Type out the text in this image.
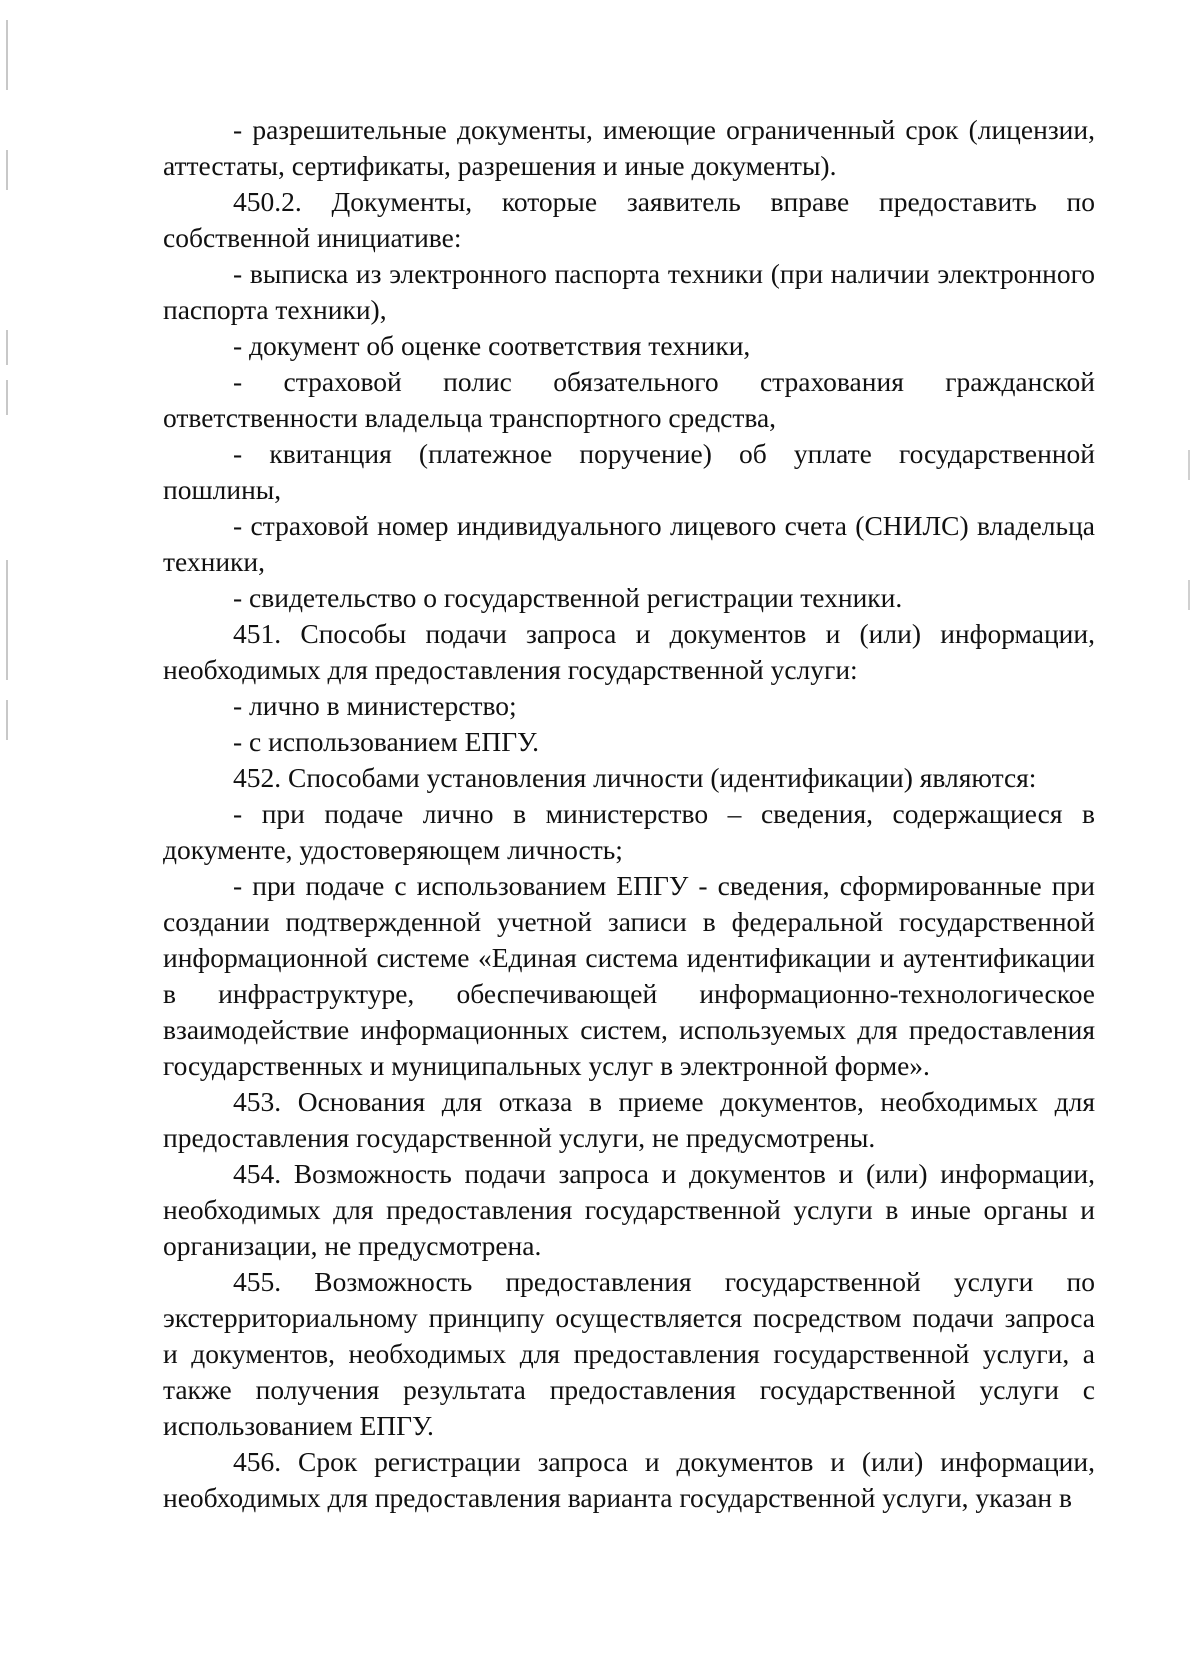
- разрешительные документы, имеющие ограниченный срок (лицензии, аттестаты, сертификаты, разрешения и иные документы).

450.2. Документы, которые заявитель вправе предоставить по собственной инициативе:

- выписка из электронного паспорта техники (при наличии электронного паспорта техники),

- документ об оценке соответствия техники,

- страховой полис обязательного страхования гражданской ответственности владельца транспортного средства,

- квитанция (платежное поручение) об уплате государственной пошлины,

- страховой номер индивидуального лицевого счета (СНИЛС) владельца техники,

- свидетельство о государственной регистрации техники.

451. Способы подачи запроса и документов и (или) информации, необходимых для предоставления государственной услуги:

- лично в министерство;

- с использованием ЕПГУ.

452. Способами установления личности (идентификации) являются:

- при подаче лично в министерство – сведения, содержащиеся в документе, удостоверяющем личность;

- при подаче с использованием ЕПГУ - сведения, сформированные при создании подтвержденной учетной записи в федеральной государственной информационной системе «Единая система идентификации и аутентификации в инфраструктуре, обеспечивающей информационно-технологическое взаимодействие информационных систем, используемых для предоставления государственных и муниципальных услуг в электронной форме».

453. Основания для отказа в приеме документов, необходимых для предоставления государственной услуги, не предусмотрены.

454. Возможность подачи запроса и документов и (или) информации, необходимых для предоставления государственной услуги в иные органы и организации, не предусмотрена.

455. Возможность предоставления государственной услуги по экстерриториальному принципу осуществляется посредством подачи запроса и документов, необходимых для предоставления государственной услуги, а также получения результата предоставления государственной услуги с использованием ЕПГУ.

456. Срок регистрации запроса и документов и (или) информации, необходимых для предоставления варианта государственной услуги, указан в
